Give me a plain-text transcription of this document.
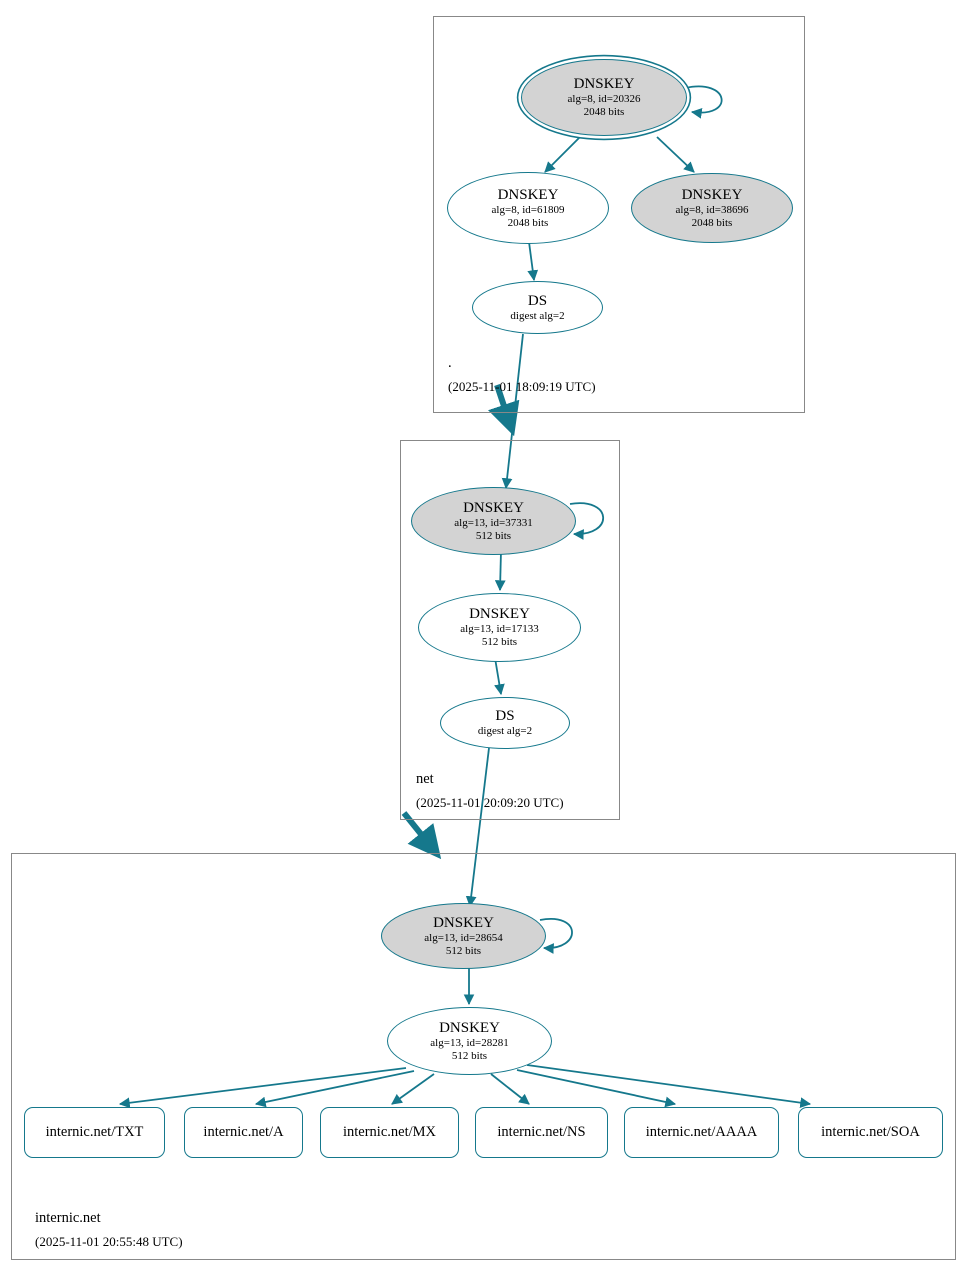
.
(2025-11-01 18:09:19 UTC)
DNSKEY
alg=8, id=20326
2048 bits
DNSKEY
alg=8, id=61809
2048 bits
DNSKEY
alg=8, id=38696
2048 bits
DS
digest alg=2
net
(2025-11-01 20:09:20 UTC)
DNSKEY
alg=13, id=37331
512 bits
DNSKEY
alg=13, id=17133
512 bits
DS
digest alg=2
internic.net
(2025-11-01 20:55:48 UTC)
DNSKEY
alg=13, id=28654
512 bits
DNSKEY
alg=13, id=28281
512 bits
internic.net/TXT	internic.net/A	internic.net/MX	internic.net/NS	internic.net/AAAA	internic.net/SOA
